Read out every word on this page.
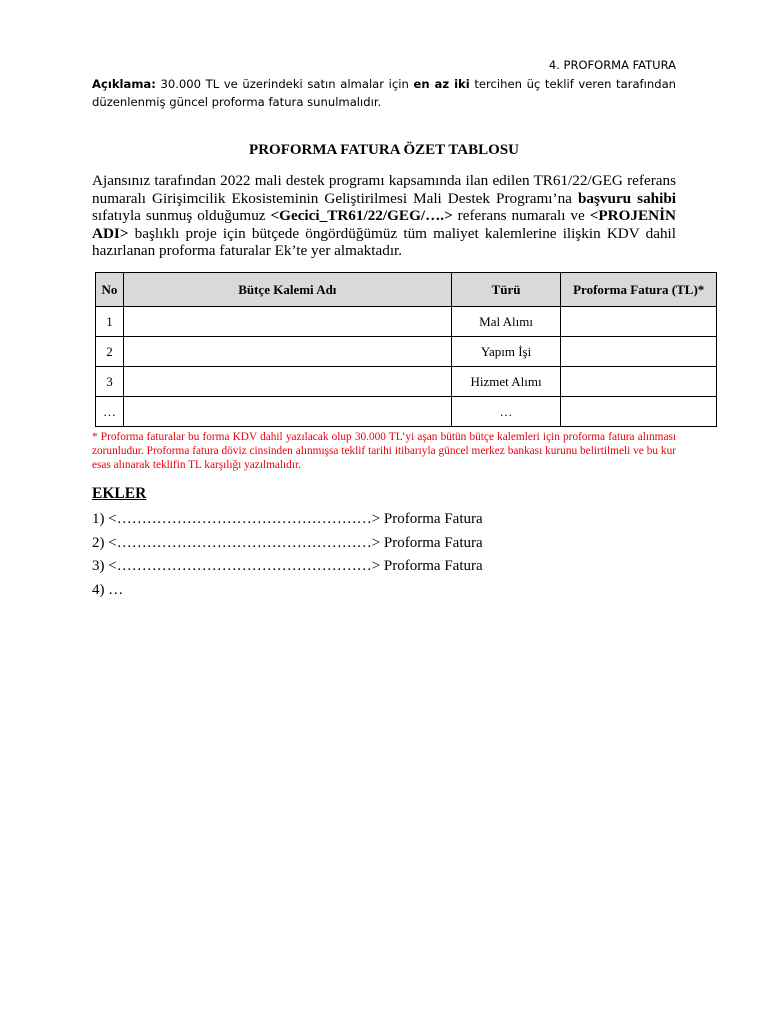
4. PROFORMA FATURA
Açıklama: 30.000 TL ve üzerindeki satın almalar için en az iki tercihen üç teklif veren tarafından düzenlenmiş güncel proforma fatura sunulmalıdır.
PROFORMA FATURA ÖZET TABLOSU
Ajansınız tarafından 2022 mali destek programı kapsamında ilan edilen TR61/22/GEG referans numaralı Girişimcilik Ekosisteminin Geliştirilmesi Mali Destek Programı’na başvuru sahibi sıfatıyla sunmuş olduğumuz <Gecici_TR61/22/GEG/….> referans numaralı ve <PROJENİN ADI> başlıklı proje için bütçede öngördüğümüz tüm maliyet kalemlerine ilişkin KDV dahil hazırlanan proforma faturalar Ek’te yer almaktadır.
No	Bütçe Kalemi Adı	Türü	Proforma Fatura (TL)*
1		Mal Alımı	
2		Yapım İşi	
3		Hizmet Alımı	
…		…	
* Proforma faturalar bu forma KDV dahil yazılacak olup 30.000 TL’yi aşan bütün bütçe kalemleri için proforma fatura alınması zorunludur. Proforma fatura döviz cinsinden alınmışsa teklif tarihi itibarıyla güncel merkez bankası kurunu belirtilmeli ve bu kur esas alınarak teklifin TL karşılığı yazılmalıdır.
EKLER
1) <……………………………………………> Proforma Fatura
2) <……………………………………………> Proforma Fatura
3) <……………………………………………> Proforma Fatura
4) …
